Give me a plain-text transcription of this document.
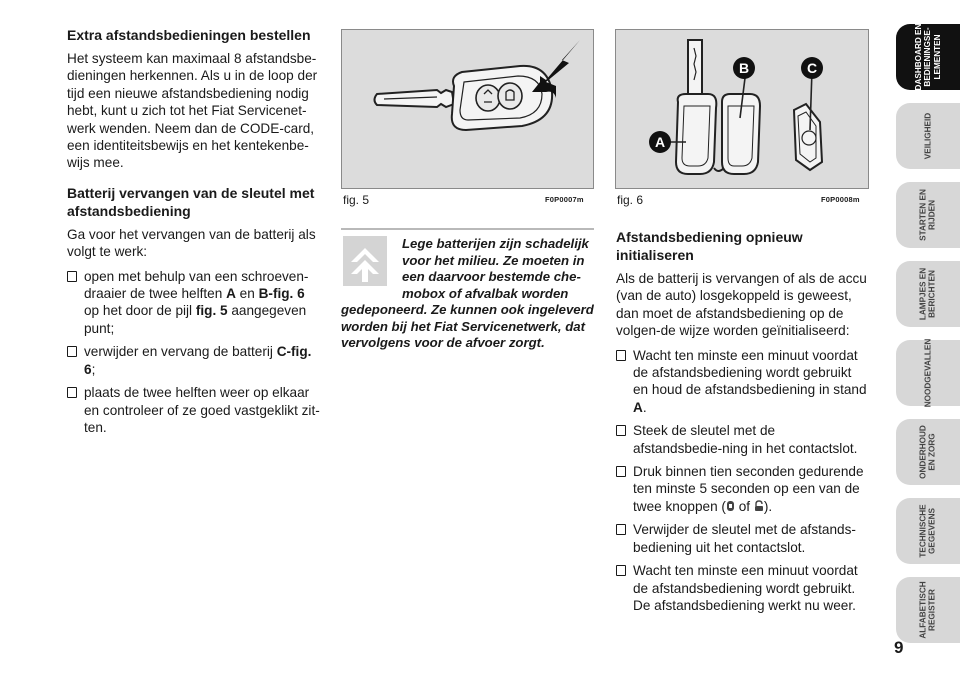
Extra afstandsbedieningen bestellen

Het systeem kan maximaal 8 afstandsbe-dieningen herkennen. Als u in de loop der tijd een nieuwe afstandsbediening nodig hebt, kunt u zich tot het Fiat Servicenet-werk wenden. Neem dan de CODE-card, een identiteitsbewijs en het kentekenbe-wijs mee.

Batterij vervangen van de sleutel met afstandsbediening

Ga voor het vervangen van de batterij als volgt te werk:

open met behulp van een schroeven-draaier de twee helften A en B-fig. 6 op het door de pijl fig. 5 aangegeven punt;
verwijder en vervang de batterij C-fig. 6;
plaats de twee helften weer op elkaar en controleer of ze goed vastgeklikt zit-ten.
fig. 5	F0P0007m
B	C
A
fig. 6	F0P0008m
Lege batterijen zijn schadelijk voor het milieu. Ze moeten in een daarvoor bestemde che-mobox of afvalbak worden
gedeponeerd. Ze kunnen ook ingeleverd worden bij het Fiat Servicenetwerk, dat vervolgens voor de afvoer zorgt.
Afstandsbediening opnieuw initialiseren

Als de batterij is vervangen of als de accu (van de auto) losgekoppeld is geweest, dan moet de afstandsbediening op de volgen-de wijze worden geïnitialiseerd:

Wacht ten minste een minuut voordat de afstandsbediening wordt gebruikt en houd de afstandsbediening in stand A.
Steek de sleutel met de afstandsbedie-ning in het contactslot.
Druk binnen tien seconden gedurende ten minste 5 seconden op een van de twee knoppen ( of ).
Verwijder de sleutel met de afstands-bediening uit het contactslot.
Wacht ten minste een minuut voordat de afstandsbediening wordt gebruikt.
De afstandsbediening werkt nu weer.
DASHBOARD EN
BEDIENINGSE-
LEMENTEN
VEILIGHEID
STARTEN EN
RIJDEN
LAMPJES EN
BERICHTEN
NOODGEVALLEN
ONDERHOUD
EN ZORG
TECHNISCHE
GEGEVENS
ALFABETISCH
REGISTER
9
